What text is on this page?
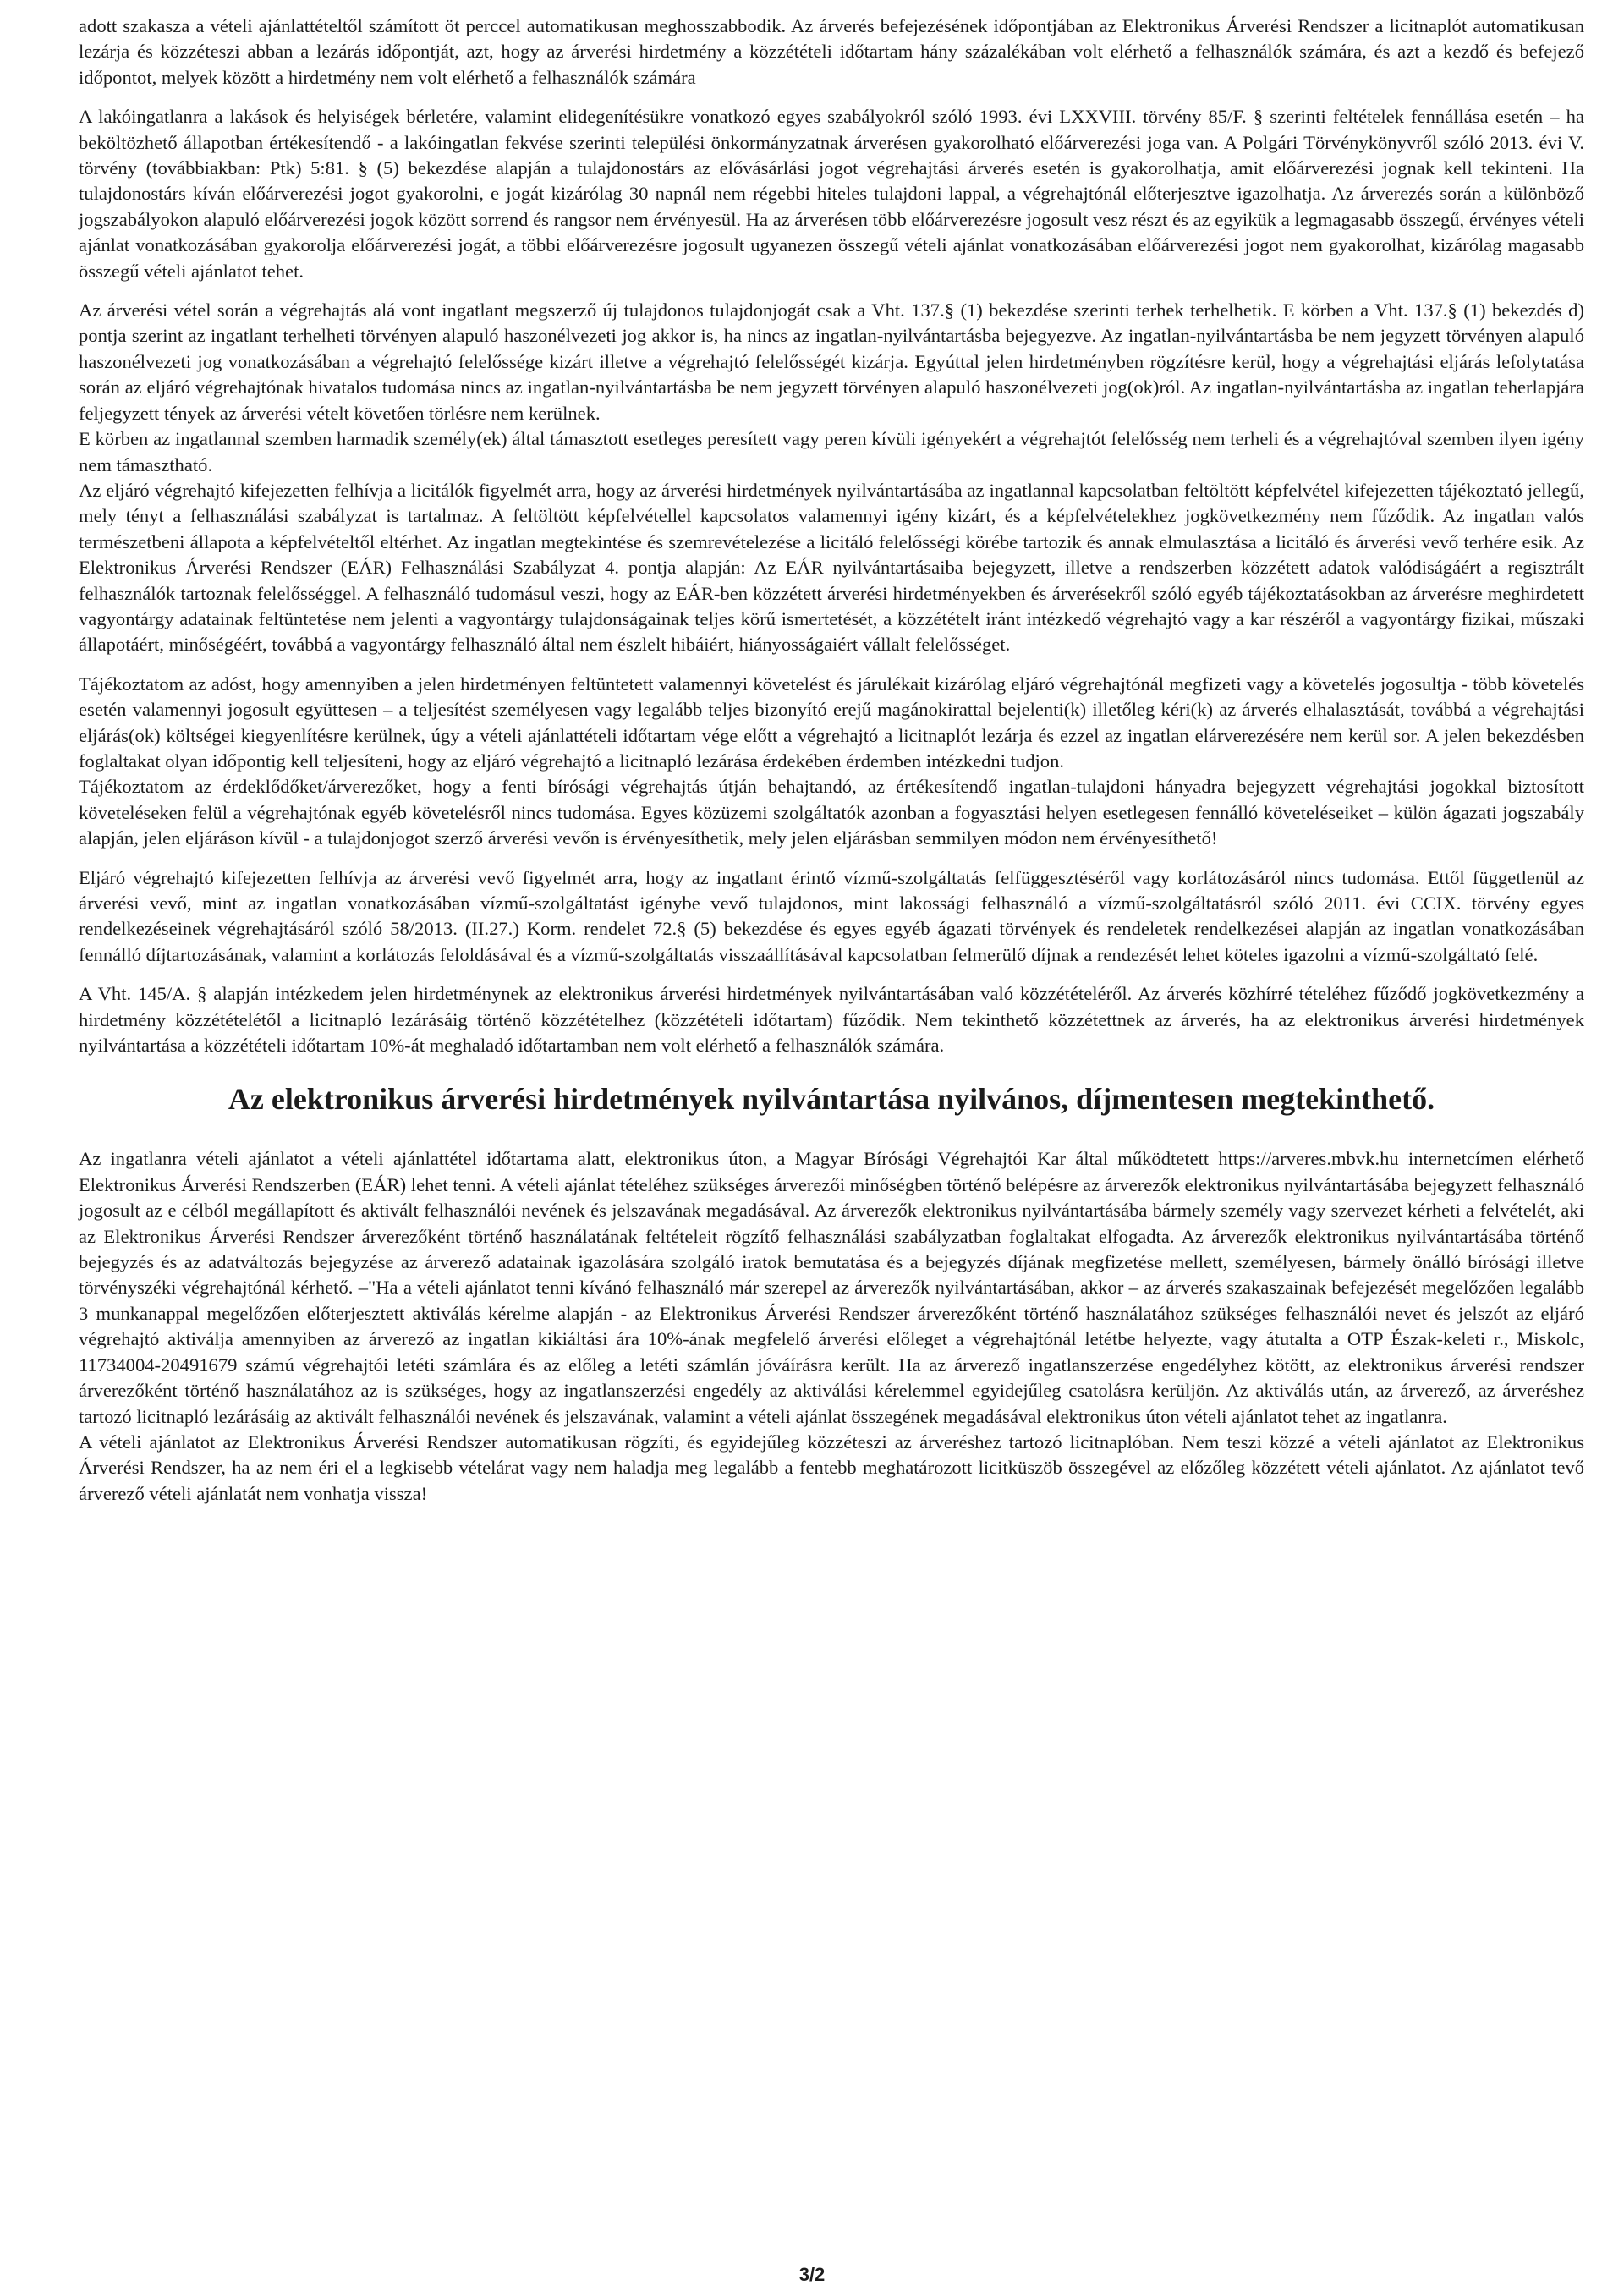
adott szakasza a vételi ajánlattételtől számított öt perccel automatikusan meghosszabbodik. Az árverés befejezésének időpontjában az Elektronikus Árverési Rendszer a licitnaplót automatikusan lezárja és közzéteszi abban a lezárás időpontját, azt, hogy az árverési hirdetmény a közzétételi időtartam hány százalékában volt elérhető a felhasználók számára, és azt a kezdő és befejező időpontot, melyek között a hirdetmény nem volt elérhető a felhasználók számára

A lakóingatlanra a lakások és helyiségek bérletére, valamint elidegenítésükre vonatkozó egyes szabályokról szóló 1993. évi LXXVIII. törvény 85/F. § szerinti feltételek fennállása esetén – ha beköltözhető állapotban értékesítendő - a lakóingatlan fekvése szerinti települési önkormányzatnak árverésen gyakorolható előárverezési joga van. A Polgári Törvénykönyvről szóló 2013. évi V. törvény (továbbiakban: Ptk) 5:81. § (5) bekezdése alapján a tulajdonostárs az elővásárlási jogot végrehajtási árverés esetén is gyakorolhatja, amit előárverezési jognak kell tekinteni. Ha tulajdonostárs kíván előárverezési jogot gyakorolni, e jogát kizárólag 30 napnál nem régebbi hiteles tulajdoni lappal, a végrehajtónál előterjesztve igazolhatja. Az árverezés során a különböző jogszabályokon alapuló előárverezési jogok között sorrend és rangsor nem érvényesül. Ha az árverésen több előárverezésre jogosult vesz részt és az egyikük a legmagasabb összegű, érvényes vételi ajánlat vonatkozásában gyakorolja előárverezési jogát, a többi előárverezésre jogosult ugyanezen összegű vételi ajánlat vonatkozásában előárverezési jogot nem gyakorolhat, kizárólag magasabb összegű vételi ajánlatot tehet.

Az árverési vétel során a végrehajtás alá vont ingatlant megszerző új tulajdonos tulajdonjogát csak a Vht. 137.§ (1) bekezdése szerinti terhek terhelhetik. E körben a Vht. 137.§ (1) bekezdés d) pontja szerint az ingatlant terhelheti törvényen alapuló haszonélvezeti jog akkor is, ha nincs az ingatlan-nyilvántartásba bejegyezve. Az ingatlan-nyilvántartásba be nem jegyzett törvényen alapuló haszonélvezeti jog vonatkozásában a végrehajtó felelőssége kizárt illetve a végrehajtó felelősségét kizárja. Egyúttal jelen hirdetményben rögzítésre kerül, hogy a végrehajtási eljárás lefolytatása során az eljáró végrehajtónak hivatalos tudomása nincs az ingatlan-nyilvántartásba be nem jegyzett törvényen alapuló haszonélvezeti jog(ok)ról. Az ingatlan-nyilvántartásba az ingatlan teherlapjára feljegyzett tények az árverési vételt követően törlésre nem kerülnek.

E körben az ingatlannal szemben harmadik személy(ek) által támasztott esetleges peresített vagy peren kívüli igényekért a végrehajtót felelősség nem terheli és a végrehajtóval szemben ilyen igény nem támasztható.

Az eljáró végrehajtó kifejezetten felhívja a licitálók figyelmét arra, hogy az árverési hirdetmények nyilvántartásába az ingatlannal kapcsolatban feltöltött képfelvétel kifejezetten tájékoztató jellegű, mely tényt a felhasználási szabályzat is tartalmaz. A feltöltött képfelvétellel kapcsolatos valamennyi igény kizárt, és a képfelvételekhez jogkövetkezmény nem fűződik. Az ingatlan valós természetbeni állapota a képfelvételtől eltérhet. Az ingatlan megtekintése és szemrevételezése a licitáló felelősségi körébe tartozik és annak elmulasztása a licitáló és árverési vevő terhére esik. Az Elektronikus Árverési Rendszer (EÁR) Felhasználási Szabályzat 4. pontja alapján: Az EÁR nyilvántartásaiba bejegyzett, illetve a rendszerben közzétett adatok valódiságáért a regisztrált felhasználók tartoznak felelősséggel. A felhasználó tudomásul veszi, hogy az EÁR-ben közzétett árverési hirdetményekben és árverésekről szóló egyéb tájékoztatásokban az árverésre meghirdetett vagyontárgy adatainak feltüntetése nem jelenti a vagyontárgy tulajdonságainak teljes körű ismertetését, a közzétételt iránt intézkedő végrehajtó vagy a kar részéről a vagyontárgy fizikai, műszaki állapotáért, minőségéért, továbbá a vagyontárgy felhasználó által nem észlelt hibáiért, hiányosságaiért vállalt felelősséget.

Tájékoztatom az adóst, hogy amennyiben a jelen hirdetményen feltüntetett valamennyi követelést és járulékait kizárólag eljáró végrehajtónál megfizeti vagy a követelés jogosultja - több követelés esetén valamennyi jogosult együttesen – a teljesítést személyesen vagy legalább teljes bizonyító erejű magánokirattal bejelenti(k) illetőleg kéri(k) az árverés elhalasztását, továbbá a végrehajtási eljárás(ok) költségei kiegyenlítésre kerülnek, úgy a vételi ajánlattételi időtartam vége előtt a végrehajtó a licitnaplót lezárja és ezzel az ingatlan elárverezésére nem kerül sor. A jelen bekezdésben foglaltakat olyan időpontig kell teljesíteni, hogy az eljáró végrehajtó a licitnapló lezárása érdekében érdemben intézkedni tudjon.

Tájékoztatom az érdeklődőket/árverezőket, hogy a fenti bírósági végrehajtás útján behajtandó, az értékesítendő ingatlan-tulajdoni hányadra bejegyzett végrehajtási jogokkal biztosított követeléseken felül a végrehajtónak egyéb követelésről nincs tudomása. Egyes közüzemi szolgáltatók azonban a fogyasztási helyen esetlegesen fennálló követeléseiket – külön ágazati jogszabály alapján, jelen eljáráson kívül - a tulajdonjogot szerző árverési vevőn is érvényesíthetik, mely jelen eljárásban semmilyen módon nem érvényesíthető!

Eljáró végrehajtó kifejezetten felhívja az árverési vevő figyelmét arra, hogy az ingatlant érintő vízmű-szolgáltatás felfüggesztéséről vagy korlátozásáról nincs tudomása. Ettől függetlenül az árverési vevő, mint az ingatlan vonatkozásában vízmű-szolgáltatást igénybe vevő tulajdonos, mint lakossági felhasználó a vízmű-szolgáltatásról szóló 2011. évi CCIX. törvény egyes rendelkezéseinek végrehajtásáról szóló 58/2013. (II.27.) Korm. rendelet 72.§ (5) bekezdése és egyes egyéb ágazati törvények és rendeletek rendelkezései alapján az ingatlan vonatkozásában fennálló díjtartozásának, valamint a korlátozás feloldásával és a vízmű-szolgáltatás visszaállításával kapcsolatban felmerülő díjnak a rendezését lehet köteles igazolni a vízmű-szolgáltató felé.

A Vht. 145/A. § alapján intézkedem jelen hirdetménynek az elektronikus árverési hirdetmények nyilvántartásában való közzétételéről. Az árverés közhírré tételéhez fűződő jogkövetkezmény a hirdetmény közzétételétől a licitnapló lezárásáig történő közzétételhez (közzétételi időtartam) fűződik. Nem tekinthető közzétettnek az árverés, ha az elektronikus árverési hirdetmények nyilvántartása a közzétételi időtartam 10%-át meghaladó időtartamban nem volt elérhető a felhasználók számára.

Az elektronikus árverési hirdetmények nyilvántartása nyilvános, díjmentesen megtekinthető.

Az ingatlanra vételi ajánlatot a vételi ajánlattétel időtartama alatt, elektronikus úton, a Magyar Bírósági Végrehajtói Kar által működtetett https://arveres.mbvk.hu internetcímen elérhető Elektronikus Árverési Rendszerben (EÁR) lehet tenni. A vételi ajánlat tételéhez szükséges árverezői minőségben történő belépésre az árverezők elektronikus nyilvántartásába bejegyzett felhasználó jogosult az e célból megállapított és aktivált felhasználói nevének és jelszavának megadásával. Az árverezők elektronikus nyilvántartásába bármely személy vagy szervezet kérheti a felvételét, aki az Elektronikus Árverési Rendszer árverezőként történő használatának feltételeit rögzítő felhasználási szabályzatban foglaltakat elfogadta. Az árverezők elektronikus nyilvántartásába történő bejegyzés és az adatváltozás bejegyzése az árverező adatainak igazolására szolgáló iratok bemutatása és a bejegyzés díjának megfizetése mellett, személyesen, bármely önálló bírósági illetve törvényszéki végrehajtónál kérhető. –"Ha a vételi ajánlatot tenni kívánó felhasználó már szerepel az árverezők nyilvántartásában, akkor – az árverés szakaszainak befejezését megelőzően legalább 3 munkanappal megelőzően előterjesztett aktiválás kérelme alapján - az Elektronikus Árverési Rendszer árverezőként történő használatához szükséges felhasználói nevet és jelszót az eljáró végrehajtó aktiválja amennyiben az árverező az ingatlan kikiáltási ára 10%-ának megfelelő árverési előleget a végrehajtónál letétbe helyezte, vagy átutalta a OTP Észak-keleti r., Miskolc, 11734004-20491679 számú végrehajtói letéti számlára és az előleg a letéti számlán jóváírásra került. Ha az árverező ingatlanszerzése engedélyhez kötött, az elektronikus árverési rendszer árverezőként történő használatához az is szükséges, hogy az ingatlanszerzési engedély az aktiválási kérelemmel egyidejűleg csatolásra kerüljön. Az aktiválás után, az árverező, az árveréshez tartozó licitnapló lezárásáig az aktivált felhasználói nevének és jelszavának, valamint a vételi ajánlat összegének megadásával elektronikus úton vételi ajánlatot tehet az ingatlanra.

A vételi ajánlatot az Elektronikus Árverési Rendszer automatikusan rögzíti, és egyidejűleg közzéteszi az árveréshez tartozó licitnaplóban. Nem teszi közzé a vételi ajánlatot az Elektronikus Árverési Rendszer, ha az nem éri el a legkisebb vételárat vagy nem haladja meg legalább a fentebb meghatározott licitküszöb összegével az előzőleg közzétett vételi ajánlatot. Az ajánlatot tevő árverező vételi ajánlatát nem vonhatja vissza!

3/2
